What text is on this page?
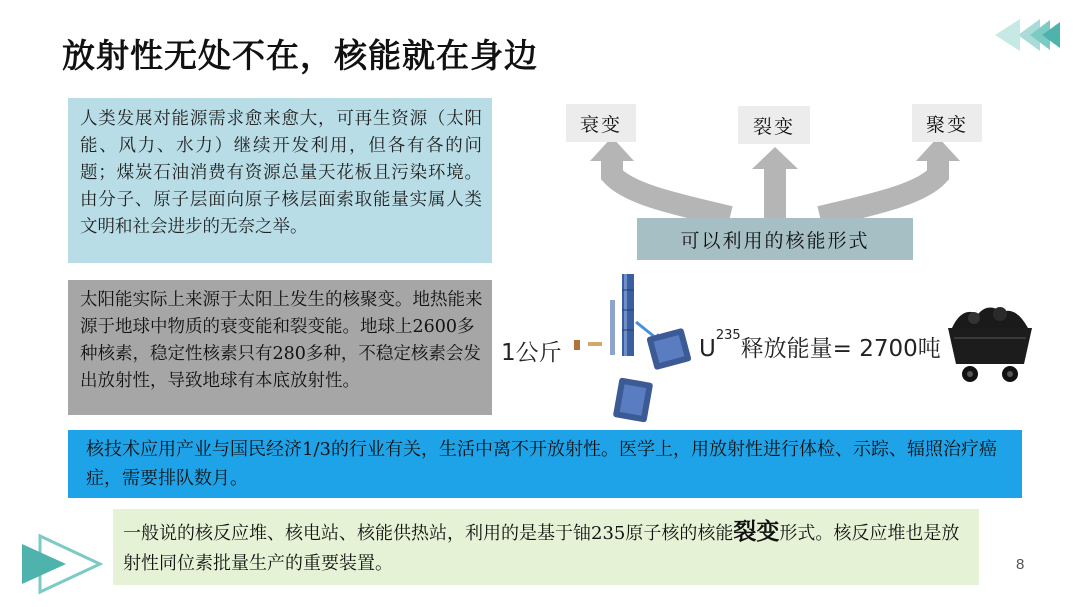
放射性无处不在，核能就在身边
人类发展对能源需求愈来愈大，可再生资源（太阳能、风力、水力）继续开发利用，但各有各的问题；煤炭石油消费有资源总量天花板且污染环境。由分子、原子层面向原子核层面索取能量实属人类文明和社会进步的无奈之举。
太阳能实际上来源于太阳上发生的核聚变。地热能来源于地球中物质的衰变能和裂变能。地球上2600多种核素，稳定性核素只有280多种，不稳定核素会发出放射性，导致地球有本底放射性。
核技术应用产业与国民经济1/3的行业有关，生活中离不开放射性。医学上，用放射性进行体检、示踪、辐照治疗癌症，需要排队数月。
一般说的核反应堆、核电站、核能供热站，利用的是基于铀235原子核的核能裂变形式。核反应堆也是放射性同位素批量生产的重要装置。
衰变	裂变	聚变
可以利用的核能形式
1公斤	$U^{235}$释放能量= 2700吨
8
